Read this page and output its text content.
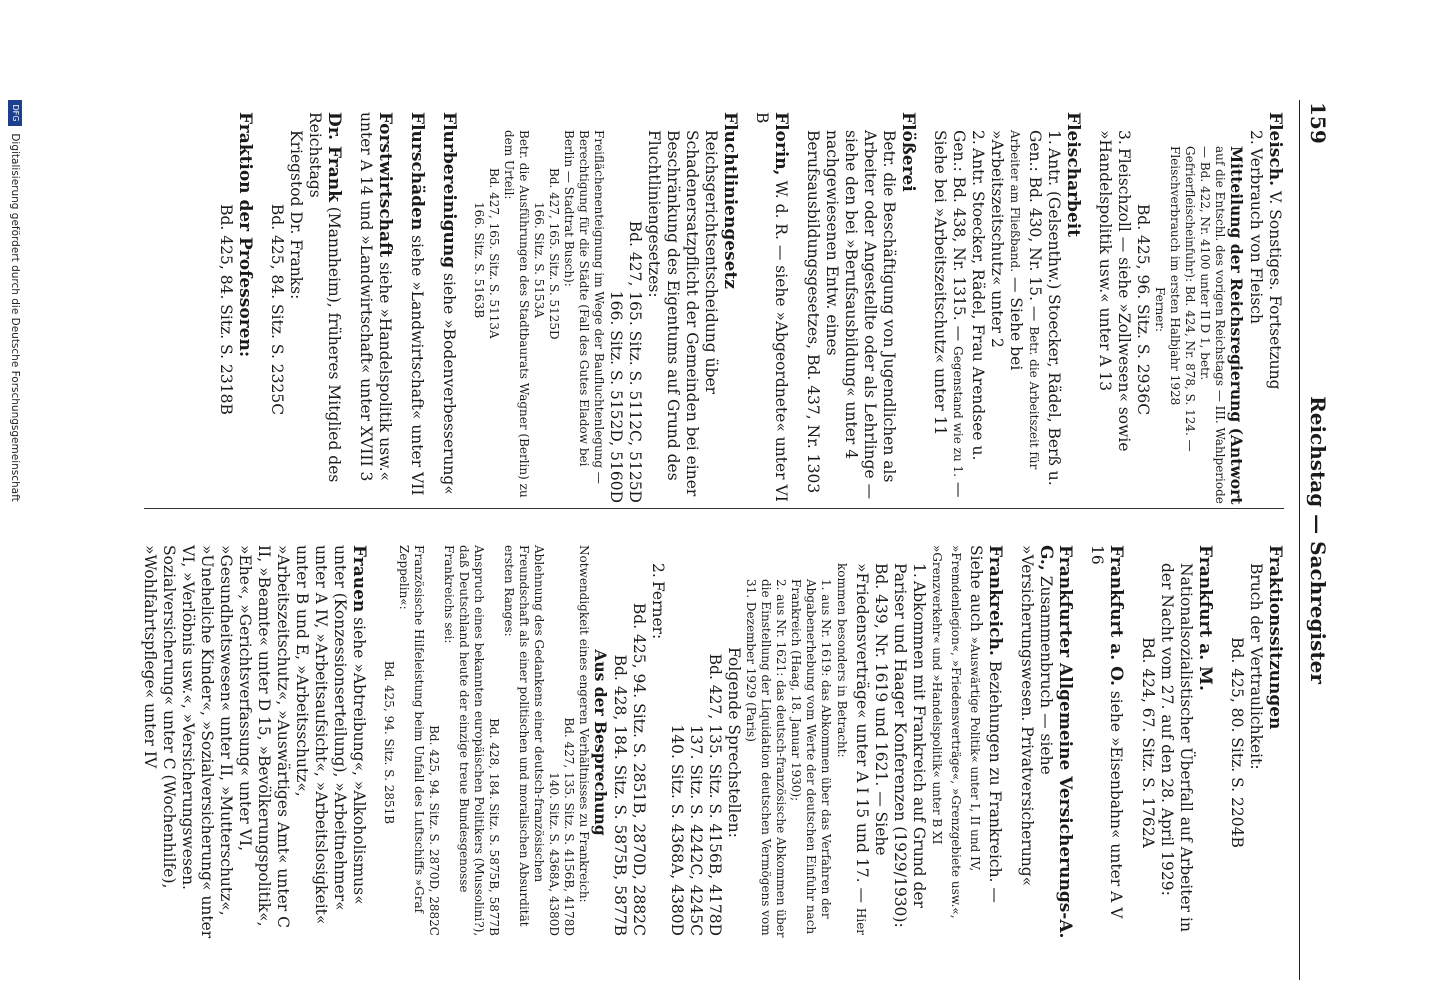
159
Reichstag — Sachregister

Fleisch. V. Sonstiges. Fortsetzung

2.Verbrauch von Fleisch

Mitteilung der Reichsregierung (Antwort

auf die Entschl. des vorigen Reichstags — III. Wahlperiode — Bd. 422, Nr. 4100 unter II D 1, betr. Gefrierfleischeinfuhr): Bd. 424, Nr. 878, S. 124. — Fleischverbrauch im ersten Halbjahr 1928

Ferner:

Bd. 425, 96. Sitz. S. 2936C

3.Fleischzoll — siehe »Zollwesen« sowie »Handelspolitik usw.« unter A 13

Fleischarbeit

1.Antr. (Gelsenthw.) Stoecker, Rädel, Berß u. Gen.: Bd. 430, Nr. 15. — Betr. die Arbeitszeit für Arbeiter am Fließband. — Siehe bei »Arbeitszeitschutz« unter 2

2.Antr. Stoecker, Rädel, Frau Arendsee u. Gen.: Bd. 438, Nr. 1315. — Gegenstand wie zu 1. — Siehe bei »Arbeitszeitschutz« unter 11

Flößerei

Betr. die Beschäftigung von Jugendlichen als Arbeiter oder Angestellte oder als Lehrlinge — siehe den bei »Berufsausbildung« unter 4 nachgewiesenen Entw. eines Berufsausbildungsgesetzes, Bd. 437, Nr. 1303

Florin, W. d. R. — siehe »Abgeordnete« unter VI B

Fluchtliniengesetz

Reichsgerichtsentscheidung über Schadenersatzpflicht der Gemeinden bei einer Beschränkung des Eigentums auf Grund des Fluchtliniengesetzes:

Bd. 427, 165. Sitz. S. 5112C, 5125D

166. Sitz. S. 5152D, 5160D

Freiflächenenteignung im Wege der Baufluchtenlegung — Berechtigung für die Städte (Fall des Gutes Eladow bei Berlin — Stadtrat Busch):

Bd. 427, 165. Sitz. S. 5125D

166. Sitz. S. 5153A

Betr. die Ausführungen des Stadtbaurats Wagner (Berlin) zu dem Urteil:

Bd. 427, 165. Sitz. S. 5113A

166. Sitz. S. 5163B

Flurbereinigung siehe »Bodenverbesserung«

Flurschäden siehe »Landwirtschaft« unter VII

Forstwirtschaft siehe »Handelspolitik usw.« unter A 14 und »Landwirtschaft« unter XVIII 3

Dr. Frank (Mannheim), früheres Mitglied des Reichstags

Kriegstod Dr. Franks:

Bd. 425, 84. Sitz. S. 2325C

Fraktion der Professoren:

Bd. 425, 84. Sitz. S. 2318B

Fraktionssitzungen

Bruch der Vertraulichkeit:

Bd. 425, 80. Sitz. S. 2204B

Frankfurt a. M.

Nationalsozialistischer Überfall auf Arbeiter in der Nacht vom 27. auf den 28. April 1929:

Bd. 424, 67. Sitz. S. 1762A

Frankfurt a. O. siehe »Eisenbahn« unter A V 16

Frankfurter Allgemeine Versicherungs-A. G., Zusammenbruch — siehe »Versicherungswesen. Privatversicherung«

Frankreich. Beziehungen zu Frankreich. — Siehe auch »Auswärtige Politik« unter I, II und IV, »Fremdenlegion«, »Friedensverträge«, »Grenzgebiete usw.«, »Grenzverkehr« und »Handelspolitik« unter B XI

1.Abkommen mit Frankreich auf Grund der Pariser und Haager Konferenzen (1929/1930): Bd. 439, Nr. 1619 und 1621. — Siehe »Friedensverträge« unter A I 15 und 17. — Hier kommen besonders in Betracht:

1. aus Nr. 1619: das Abkommen über das Verfahren der Abgabenerhebung vom Werte der deutschen Einfuhr nach Frankreich (Haag, 18. Januar 1930);

2. aus Nr. 1621: das deutsch-französische Abkommen über die Einstellung der Liquidation deutschen Vermögens vom 31. Dezember 1929 (Paris)

Folgende Sprechstellen:

Bd. 427, 135. Sitz. S. 4156B, 4178D

137. Sitz. S. 4242C, 4245C

140. Sitz. S. 4368A, 4380D

2.Ferner:

Bd. 425, 94. Sitz. S. 2851B, 2870D, 2882C

Bd. 428, 184. Sitz. S. 5875B, 5877B

Aus der Besprechung

Notwendigkeit eines engeren Verhältnisses zu Frankreich:

Bd. 427, 135. Sitz. S. 4156B, 4178D

140. Sitz. S. 4368A, 4380D

Ablehnung des Gedankens einer deutsch-französischen Freundschaft als einer politischen und moralischen Absurdität ersten Ranges:

Bd. 428, 184. Sitz. S. 5875B, 5877B

Anspruch eines bekannten europäischen Politikers (Mussolini?), daß Deutschland heute der einzige treue Bundesgenosse Frankreichs sei:

Bd. 425, 94. Sitz. S. 2870D, 2882C

Französische Hilfeleistung beim Unfall des Luftschiffs »Graf Zeppelin«:

Bd. 425, 94. Sitz. S. 2851B

Frauen siehe »Abtreibung«, »Alkoholismus« unter (Konzessionserteilung), »Arbeitnehmer« unter A IV, »Arbeitsaufsicht«, »Arbeitslosigkeit« unter B und E, »Arbeitsschutz«, »Arbeitszeitschutz«, »Auswärtiges Amt« unter C II, »Beamte« unter D 15, »Bevölkerungspolitik«, »Ehe«, »Gerichtsverfassung« unter VI, »Gesundheitswesen« unter II, »Mutterschutz«, »Uneheliche Kinder«, »Sozialversicherung« unter VI, »Verlöbnis usw.«, »Versicherungswesen. Sozialversicherung« unter C (Wochenhilfe), »Wohlfahrtspflege« unter IV

DFG Digitalisierung gefördert durch die Deutsche Forschungsgemeinschaft
